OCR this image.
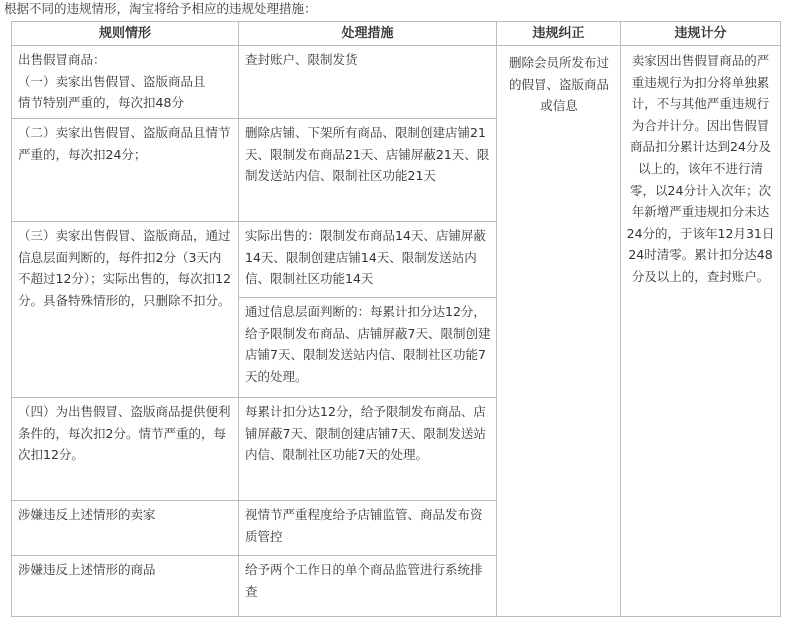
根据不同的违规情形，淘宝将给予相应的违规处理措施：
规则情形	处理措施	违规纠正	违规计分

出售假冒商品：
（一）卖家出售假冒、盗版商品且
情节特别严重的，每次扣48分	查封账户、限制发货	删除会员所发布过的假冒、盗版商品或信息	卖家因出售假冒商品的严重违规行为扣分将单独累计，不与其他严重违规行为合并计分。因出售假冒商品扣分累计达到24分及以上的，该年不进行清零，以24分计入次年；次年新增严重违规扣分未达24分的，于该年12月31日24时清零。累计扣分达48分及以上的，查封账户。
（二）卖家出售假冒、盗版商品且情节严重的，每次扣24分；	删除店铺、下架所有商品、限制创建店铺21天、限制发布商品21天、店铺屏蔽21天、限制发送站内信、限制社区功能21天		
（三）卖家出售假冒、盗版商品，通过信息层面判断的，每件扣2分（3天内不超过12分）；实际出售的，每次扣12分。具备特殊情形的，只删除不扣分。	实际出售的：限制发布商品14天、店铺屏蔽14天、限制创建店铺14天、限制发送站内信、限制社区功能14天		
	通过信息层面判断的：每累计扣分达12分，给予限制发布商品、店铺屏蔽7天、限制创建店铺7天、限制发送站内信、限制社区功能7天的处理。		
（四）为出售假冒、盗版商品提供便利条件的，每次扣2分。情节严重的，每次扣12分。	每累计扣分达12分，给予限制发布商品、店铺屏蔽7天、限制创建店铺7天、限制发送站内信、限制社区功能7天的处理。		
涉嫌违反上述情形的卖家	视情节严重程度给予店铺监管、商品发布资质管控		
涉嫌违反上述情形的商品	给予两个工作日的单个商品监管进行系统排查		
